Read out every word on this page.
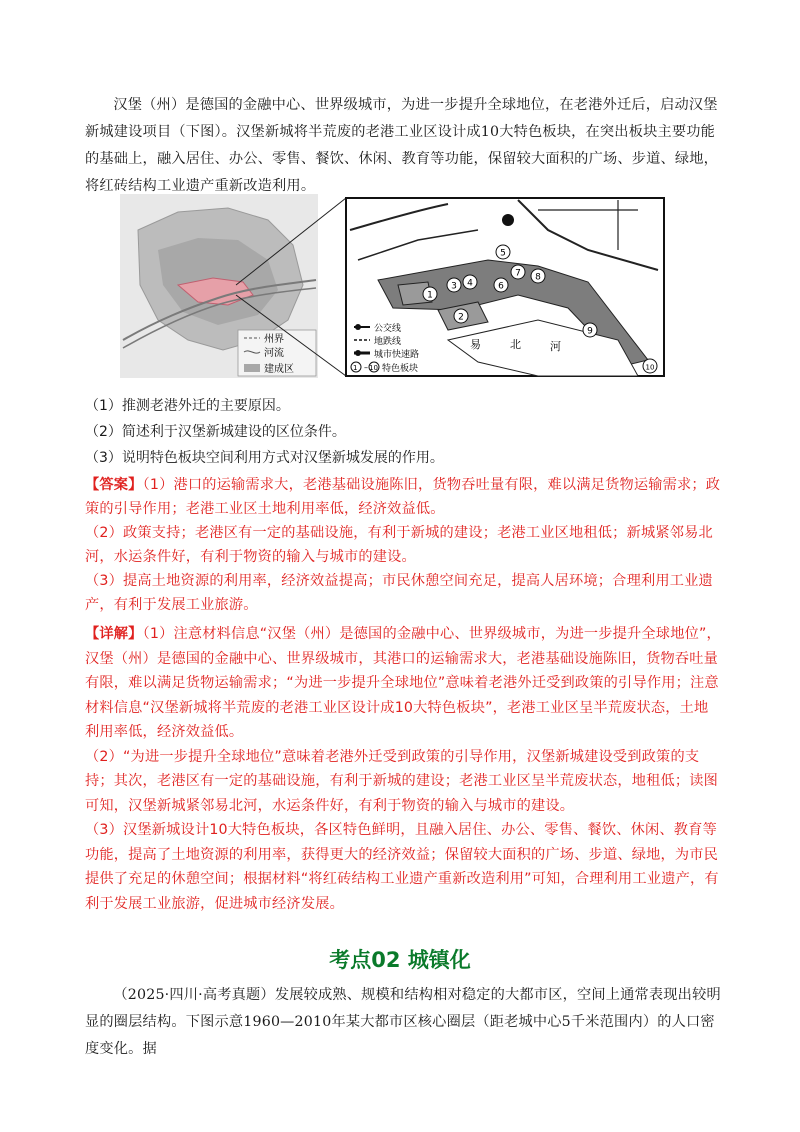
汉堡（州）是德国的金融中心、世界级城市，为进一步提升全球地位，在老港外迁后，启动汉堡新城建设项目（下图）。汉堡新城将半荒废的老港工业区设计成10大特色板块，在突出板块主要功能的基础上，融入居住、办公、零售、餐饮、休闲、教育等功能，保留较大面积的广场、步道、绿地，将红砖结构工业遗产重新改造利用。
州界
河流
建成区
易	北	河
1
2
3 4
5
6
7 8
9
10
公交线
地跌线
城市快速路
1 – 10 特色板块
（1）推测老港外迁的主要原因。
（2）简述利于汉堡新城建设的区位条件。
（3）说明特色板块空间利用方式对汉堡新城发展的作用。
【答案】（1）港口的运输需求大，老港基础设施陈旧，货物吞吐量有限，难以满足货物运输需求；政策的引导作用；老港工业区土地利用率低，经济效益低。
（2）政策支持；老港区有一定的基础设施，有利于新城的建设；老港工业区地租低；新城紧邻易北河，水运条件好，有利于物资的输入与城市的建设。
（3）提高土地资源的利用率，经济效益提高；市民休憩空间充足，提高人居环境；合理利用工业遗产，有利于发展工业旅游。
【详解】（1）注意材料信息“汉堡（州）是德国的金融中心、世界级城市，为进一步提升全球地位”，汉堡（州）是德国的金融中心、世界级城市，其港口的运输需求大，老港基础设施陈旧，货物吞吐量有限，难以满足货物运输需求；“为进一步提升全球地位”意味着老港外迁受到政策的引导作用；注意材料信息“汉堡新城将半荒废的老港工业区设计成10大特色板块”，老港工业区呈半荒废状态，土地利用率低，经济效益低。
（2）“为进一步提升全球地位”意味着老港外迁受到政策的引导作用，汉堡新城建设受到政策的支持；其次，老港区有一定的基础设施，有利于新城的建设；老港工业区呈半荒废状态，地租低；读图可知，汉堡新城紧邻易北河，水运条件好，有利于物资的输入与城市的建设。
（3）汉堡新城设计10大特色板块，各区特色鲜明，且融入居住、办公、零售、餐饮、休闲、教育等功能，提高了土地资源的利用率，获得更大的经济效益；保留较大面积的广场、步道、绿地，为市民提供了充足的休憩空间；根据材料“将红砖结构工业遗产重新改造利用”可知，合理利用工业遗产，有利于发展工业旅游，促进城市经济发展。
考点02 城镇化
（2025·四川·高考真题）发展较成熟、规模和结构相对稳定的大都市区，空间上通常表现出较明显的圈层结构。下图示意1960—2010年某大都市区核心圈层（距老城中心5千米范围内）的人口密度变化。据
